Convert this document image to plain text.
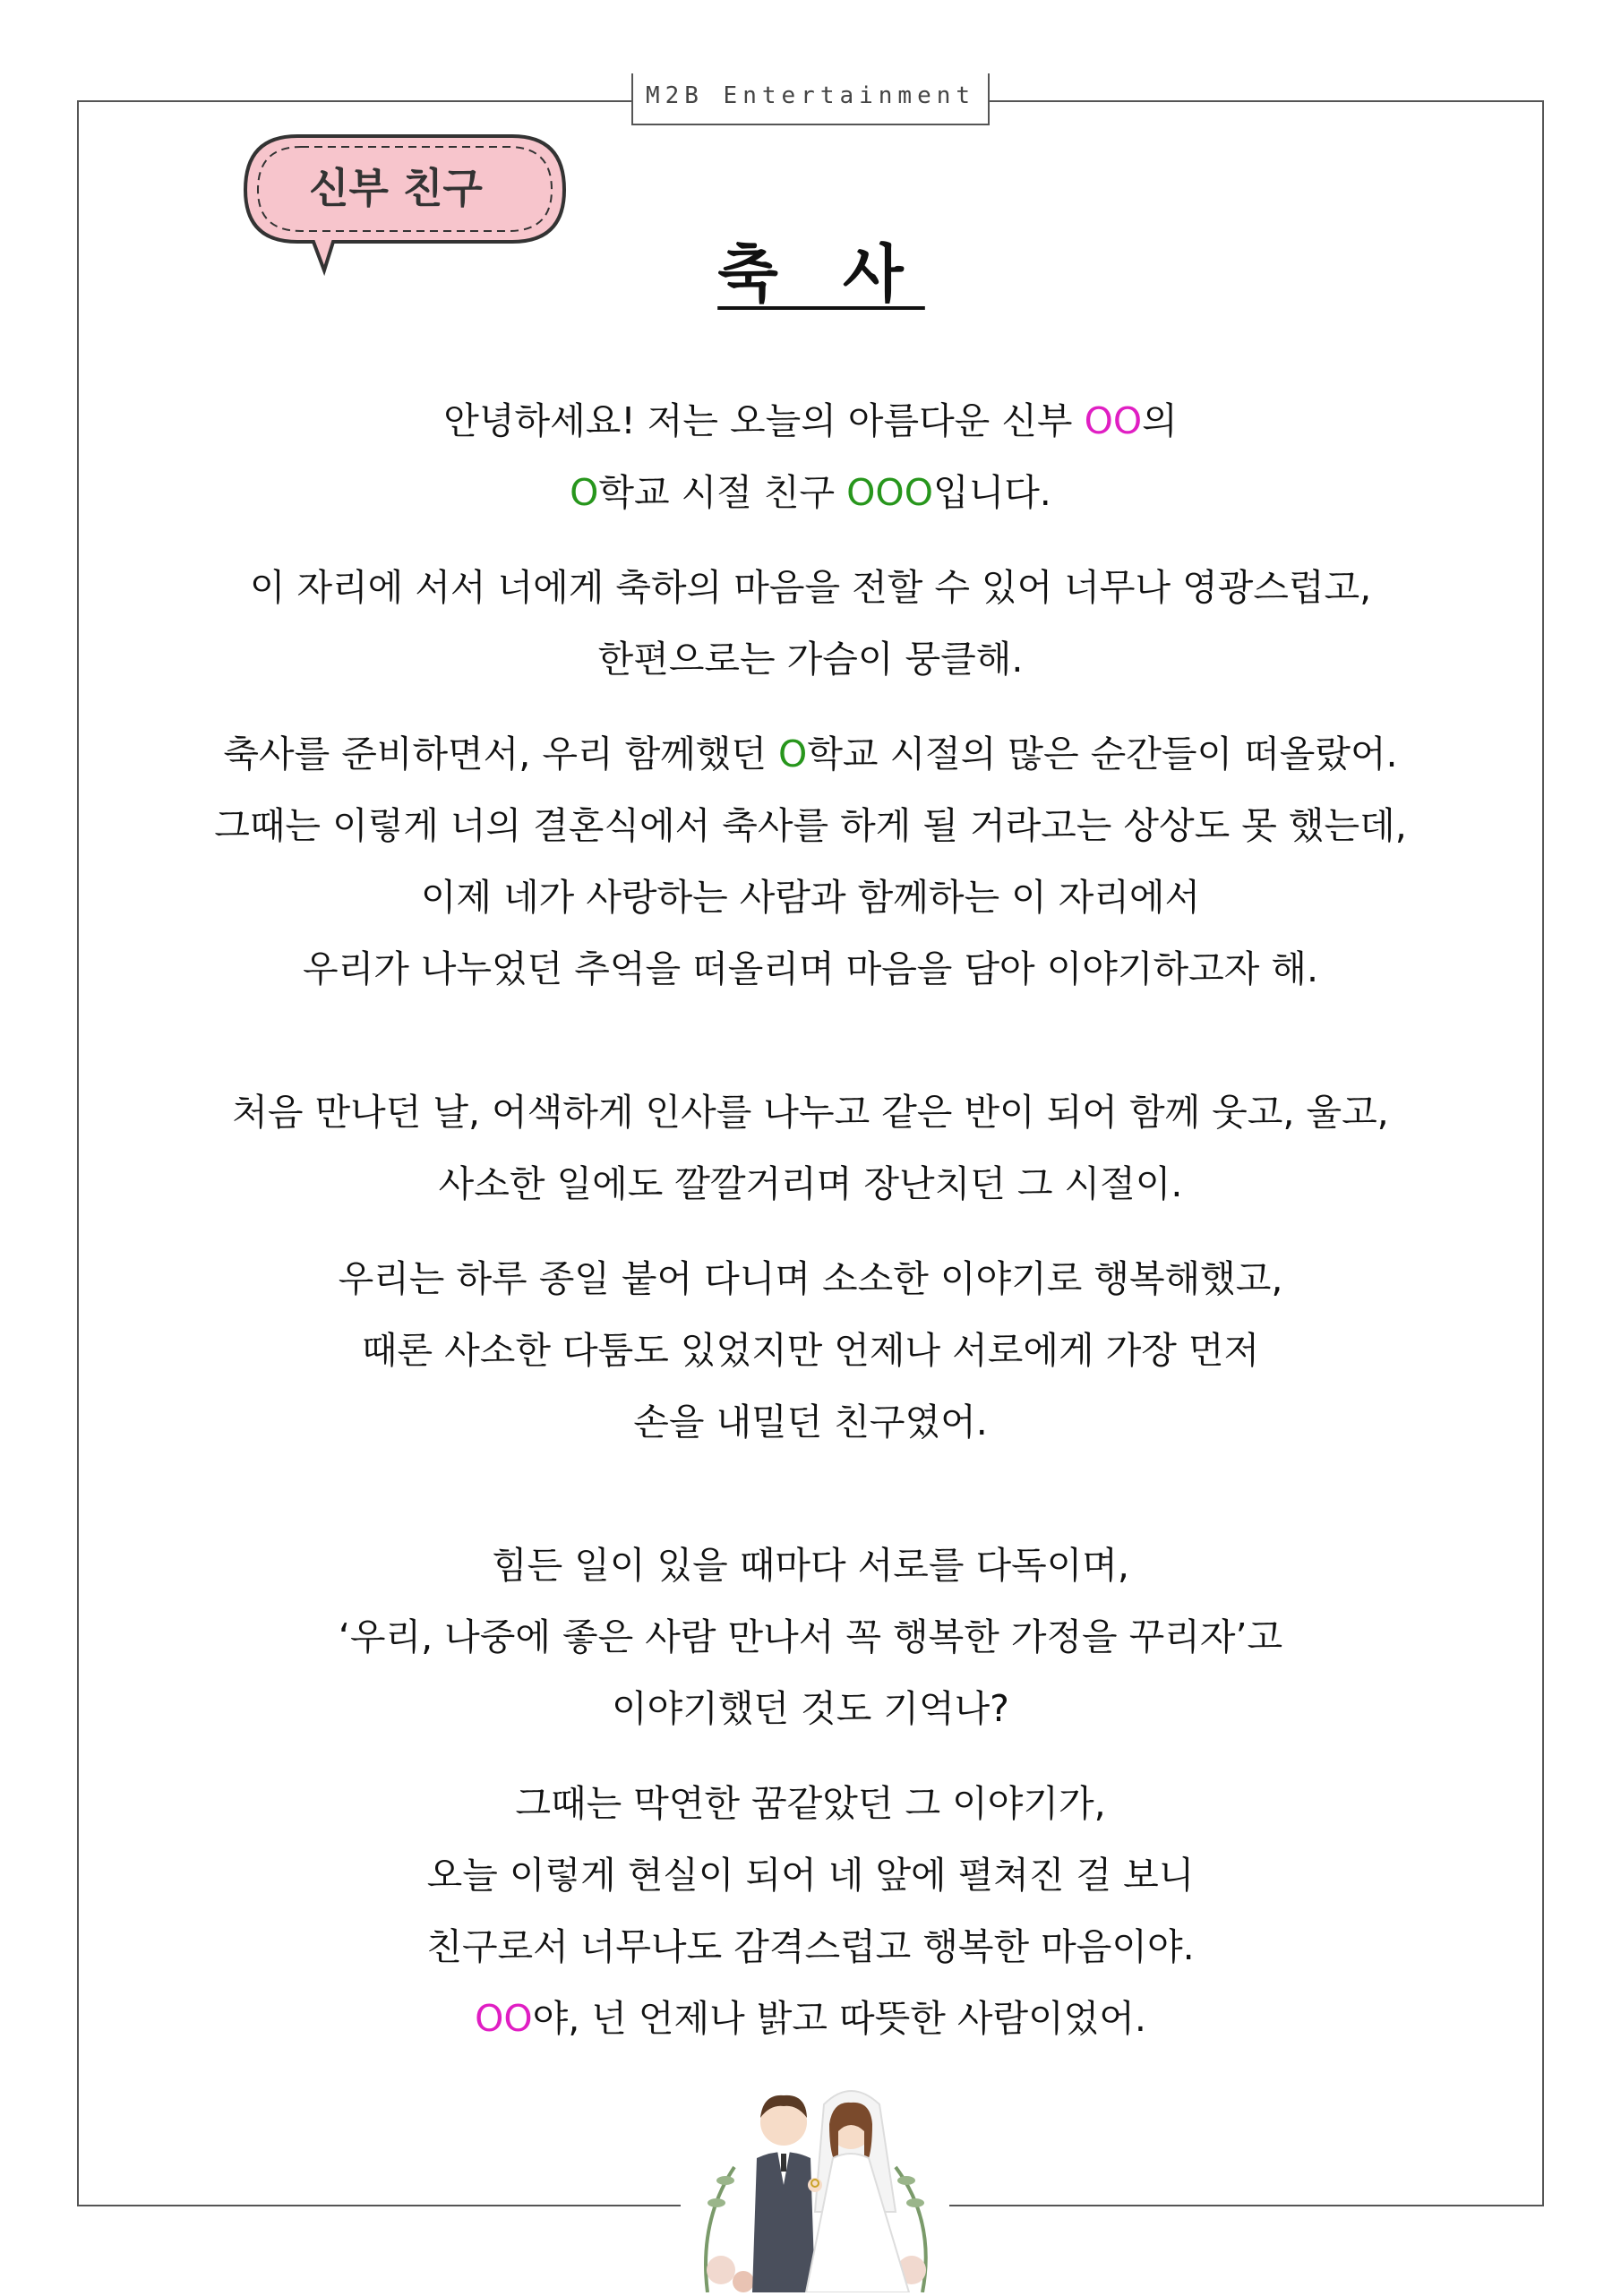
M2B Entertainment
신부 친구
축 사
안녕하세요! 저는 오늘의 아름다운 신부 OO의
O학교 시절 친구 OOO입니다.
이 자리에 서서 너에게 축하의 마음을 전할 수 있어 너무나 영광스럽고,
한편으로는 가슴이 뭉클해.
축사를 준비하면서, 우리 함께했던 O학교 시절의 많은 순간들이 떠올랐어.
그때는 이렇게 너의 결혼식에서 축사를 하게 될 거라고는 상상도 못 했는데,
이제 네가 사랑하는 사람과 함께하는 이 자리에서
우리가 나누었던 추억을 떠올리며 마음을 담아 이야기하고자 해.
처음 만나던 날, 어색하게 인사를 나누고 같은 반이 되어 함께 웃고, 울고,
사소한 일에도 깔깔거리며 장난치던 그 시절이.
우리는 하루 종일 붙어 다니며 소소한 이야기로 행복해했고,
때론 사소한 다툼도 있었지만 언제나 서로에게 가장 먼저
손을 내밀던 친구였어.
힘든 일이 있을 때마다 서로를 다독이며,
‘우리, 나중에 좋은 사람 만나서 꼭 행복한 가정을 꾸리자’고
이야기했던 것도 기억나?
그때는 막연한 꿈같았던 그 이야기가,
오늘 이렇게 현실이 되어 네 앞에 펼쳐진 걸 보니
친구로서 너무나도 감격스럽고 행복한 마음이야.
OO야, 넌 언제나 밝고 따뜻한 사람이었어.
